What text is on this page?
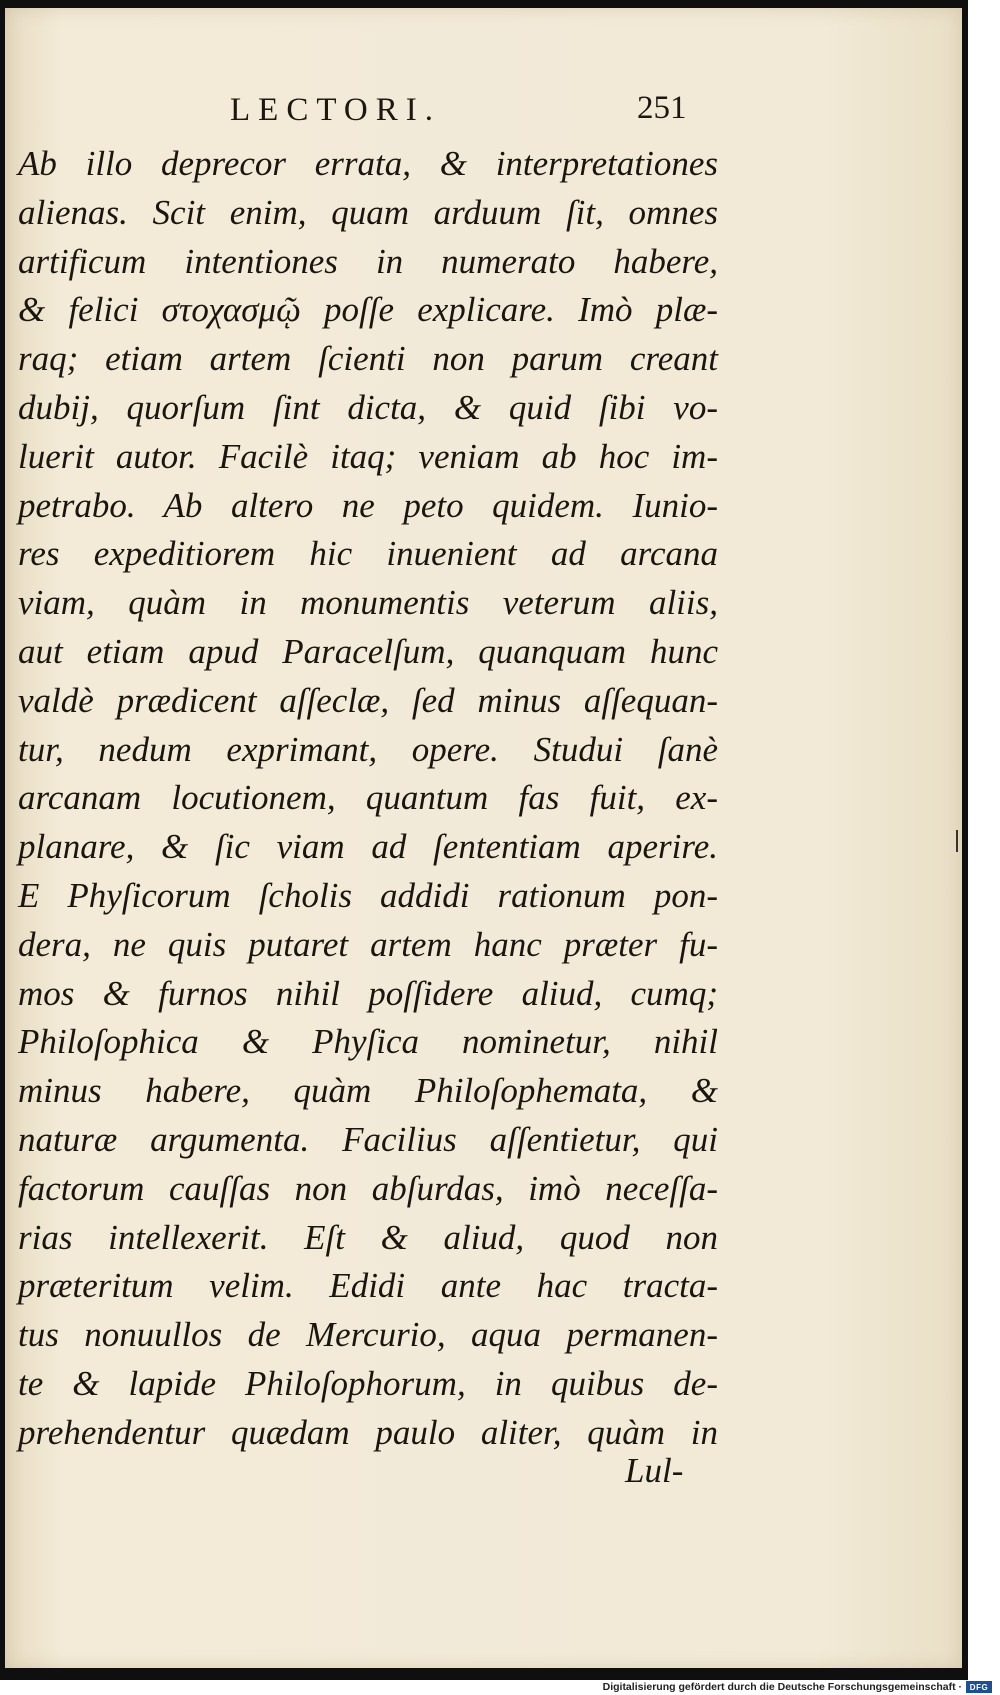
LECTORI.	251
Ab illo deprecor errata, & interpretationes
alienas. Scit enim, quam arduum ſit, omnes
artificum intentiones in numerato habere,
& felici στοχασμῷ poſſe explicare. Imò plæ-
raq; etiam artem ſcienti non parum creant
dubij, quorſum ſint dicta, & quid ſibi vo-
luerit autor. Facilè itaq; veniam ab hoc im-
petrabo. Ab altero ne peto quidem. Iunio-
res expeditiorem hic inuenient ad arcana
viam, quàm in monumentis veterum aliis,
aut etiam apud Paracelſum, quanquam hunc
valdè prædicent aſſeclæ, ſed minus aſſequan-
tur, nedum exprimant, opere. Studui ſanè
arcanam locutionem, quantum fas fuit, ex-
planare, & ſic viam ad ſententiam aperire.
E Phyſicorum ſcholis addidi rationum pon-
dera, ne quis putaret artem hanc præter fu-
mos & furnos nihil poſſidere aliud, cumq;
Philoſophica & Phyſica nominetur, nihil
minus habere, quàm Philoſophemata, &
naturæ argumenta. Facilius aſſentietur, qui
factorum cauſſas non abſurdas, imò neceſſa-
rias intellexerit. Eſt & aliud, quod non
præteritum velim. Edidi ante hac tracta-
tus nonuullos de Mercurio, aqua permanen-
te & lapide Philoſophorum, in quibus de-
prehendentur quædam paulo aliter, quàm in
Lul-
Digitalisierung gefördert durch die Deutsche Forschungsgemeinschaft · DFG
